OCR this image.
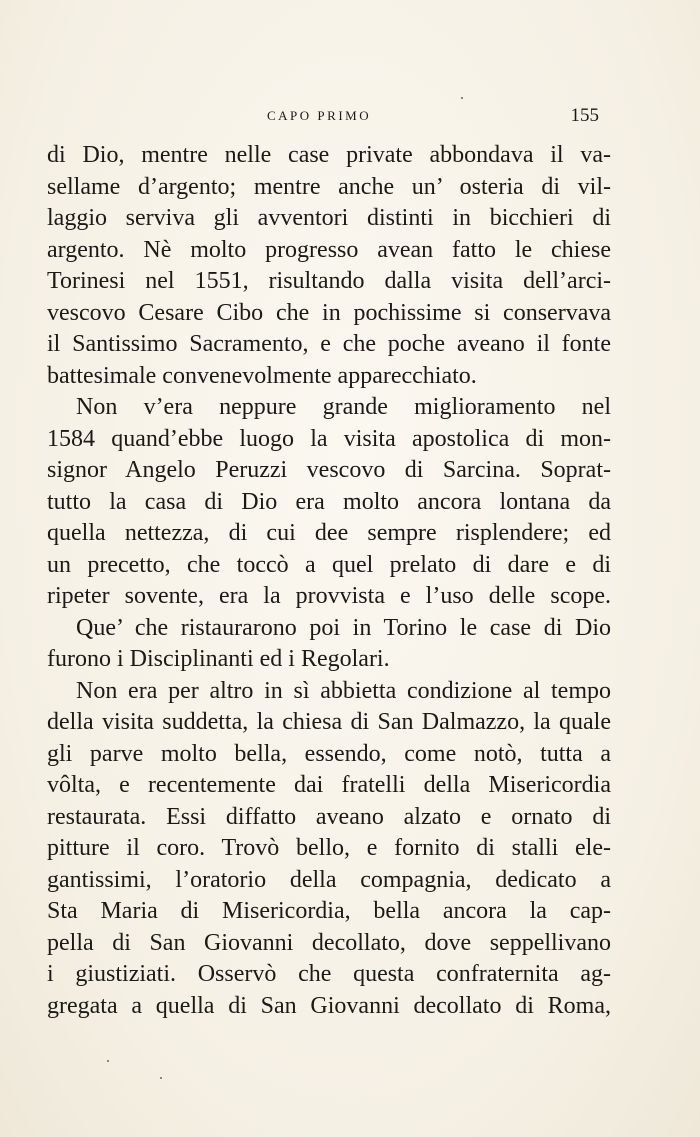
CAPO PRIMO	155

di Dio, mentre nelle case private abbondava il va-
sellame d’argento; mentre anche un’ osteria di vil-
laggio serviva gli avventori distinti in bicchieri di
argento. Nè molto progresso avean fatto le chiese
Torinesi nel 1551, risultando dalla visita dell’arci-
vescovo Cesare Cibo che in pochissime si conservava
il Santissimo Sacramento, e che poche aveano il fonte
battesimale convenevolmente apparecchiato.

Non v’era neppure grande miglioramento nel
1584 quand’ebbe luogo la visita apostolica di mon-
signor Angelo Peruzzi vescovo di Sarcina. Soprat-
tutto la casa di Dio era molto ancora lontana da
quella nettezza, di cui dee sempre risplendere; ed
un precetto, che toccò a quel prelato di dare e di
ripeter sovente, era la provvista e l’uso delle scope.

Que’ che ristaurarono poi in Torino le case di Dio
furono i Disciplinanti ed i Regolari.

Non era per altro in sì abbietta condizione al tempo
della visita suddetta, la chiesa di San Dalmazzo, la quale
gli parve molto bella, essendo, come notò, tutta a
vôlta, e recentemente dai fratelli della Misericordia
restaurata. Essi diffatto aveano alzato e ornato di
pitture il coro. Trovò bello, e fornito di stalli ele-
gantissimi, l’oratorio della compagnia, dedicato a
Sta Maria di Misericordia, bella ancora la cap-
pella di San Giovanni decollato, dove seppellivano
i giustiziati. Osservò che questa confraternita ag-
gregata a quella di San Giovanni decollato di Roma,
